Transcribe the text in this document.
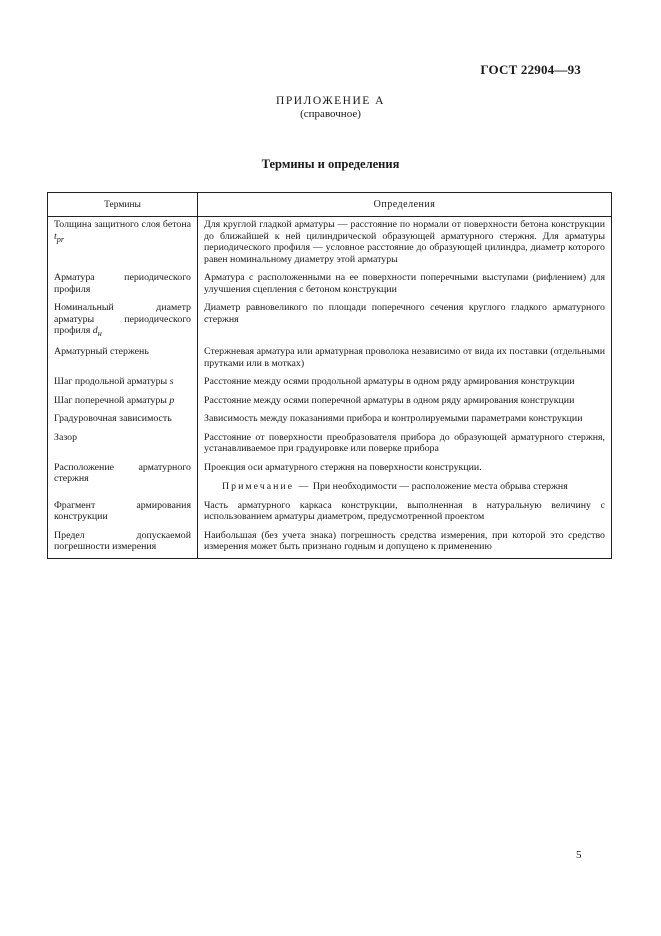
ГОСТ 22904—93
ПРИЛОЖЕНИЕ А
(справочное)
Термины и определения
Термины	Определения
Толщина защитного слоя бетона $t_{pr}$	Для круглой гладкой арматуры — расстояние по нормали от поверхности бетона конструкции до ближайшей к ней цилиндрической образующей арматурного стержня. Для арматуры периодического профиля — условное расстояние до образующей цилиндра, диаметр которого равен номинальному диаметру этой арматуры
Арматура периодического профиля	Арматура с расположенными на ее поверхности поперечными выступами (рифлением) для улучшения сцепления с бетоном конструкции
Номинальный диаметр арматуры периодического профиля $d_н$	Диаметр равновеликого по площади поперечного сечения круглого гладкого арматурного стержня
Арматурный стержень	Стержневая арматура или арматурная проволока независимо от вида их поставки (отдельными прутками или в мотках)
Шаг продольной арматуры s	Расстояние между осями продольной арматуры в одном ряду армирования конструкции
Шаг поперечной арматуры р	Расстояние между осями поперечной арматуры в одном ряду армирования конструкции
Градуровочная зависимость	Зависимость между показаниями прибора и контролируемыми параметрами конструкции
Зазор	Расстояние от поверхности преобразователя прибора до образующей арматурного стержня, устанавливаемое при градуировке или поверке прибора
Расположение арматурного стержня	Проекция оси арматурного стержня на поверхности конструкции.
Примечание — При необходимости — расположение места обрыва стержня

Фрагмент армирования конструкции	Часть арматурного каркаса конструкции, выполненная в натуральную величину с использованием арматуры диаметром, предусмотренной проектом
Предел допускаемой погрешности измерения	Наибольшая (без учета знака) погрешность средства измерения, при которой это средство измерения может быть признано годным и допущено к применению
5
